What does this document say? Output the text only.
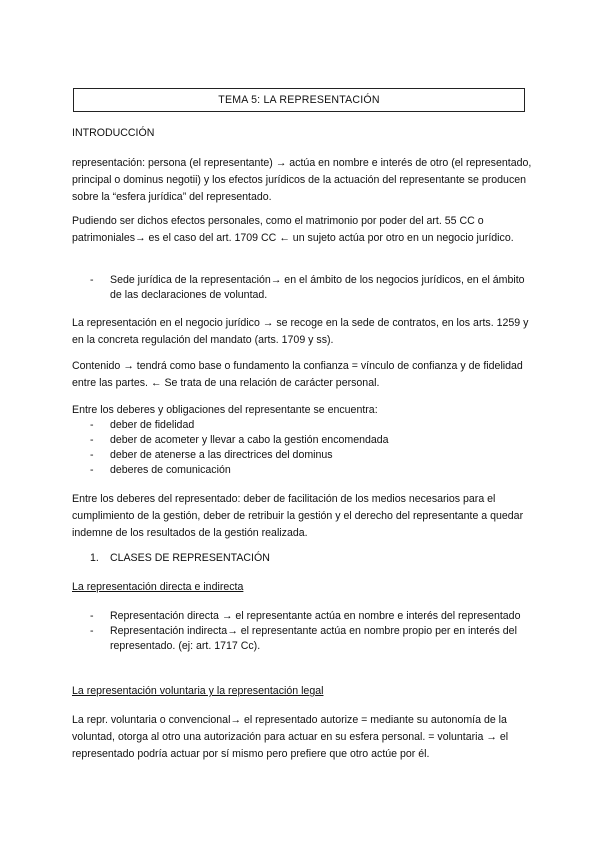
TEMA 5: LA REPRESENTACIÓN
INTRODUCCIÓN

representación: persona (el representante) → actúa en nombre e interés de otro (el representado, principal o dominus negotii) y los efectos jurídicos de la actuación del representante se producen sobre la “esfera jurídica” del representado.

Pudiendo ser dichos efectos personales, como el matrimonio por poder del art. 55 CC o patrimoniales→ es el caso del art. 1709 CC ← un sujeto actúa por otro en un negocio jurídico.

- Sede jurídica de la representación→ en el ámbito de los negocios jurídicos, en el ámbito de las declaraciones de voluntad.

La representación en el negocio jurídico → se recoge en la sede de contratos, en los arts. 1259 y en la concreta regulación del mandato (arts. 1709 y ss).

Contenido → tendrá como base o fundamento la confianza = vínculo de confianza y de fidelidad entre las partes. ← Se trata de una relación de carácter personal.

Entre los deberes y obligaciones del representante se encuentra:

- deber de fidelidad
- deber de acometer y llevar a cabo la gestión encomendada
- deber de atenerse a las directrices del dominus
- deberes de comunicación

Entre los deberes del representado: deber de facilitación de los medios necesarios para el cumplimiento de la gestión, deber de retribuir la gestión y el derecho del representante a quedar indemne de los resultados de la gestión realizada.

1. CLASES DE REPRESENTACIÓN
La representación directa e indirecta
- Representación directa → el representante actúa en nombre e interés del representado
- Representación indirecta→ el representante actúa en nombre propio per en interés del representado. (ej: art. 1717 Cc).
La representación voluntaria y la representación legal

La repr. voluntaria o convencional→ el representado autorize = mediante su autonomía de la voluntad, otorga al otro una autorización para actuar en su esfera personal. = voluntaria → el representado podría actuar por sí mismo pero prefiere que otro actúe por él.
